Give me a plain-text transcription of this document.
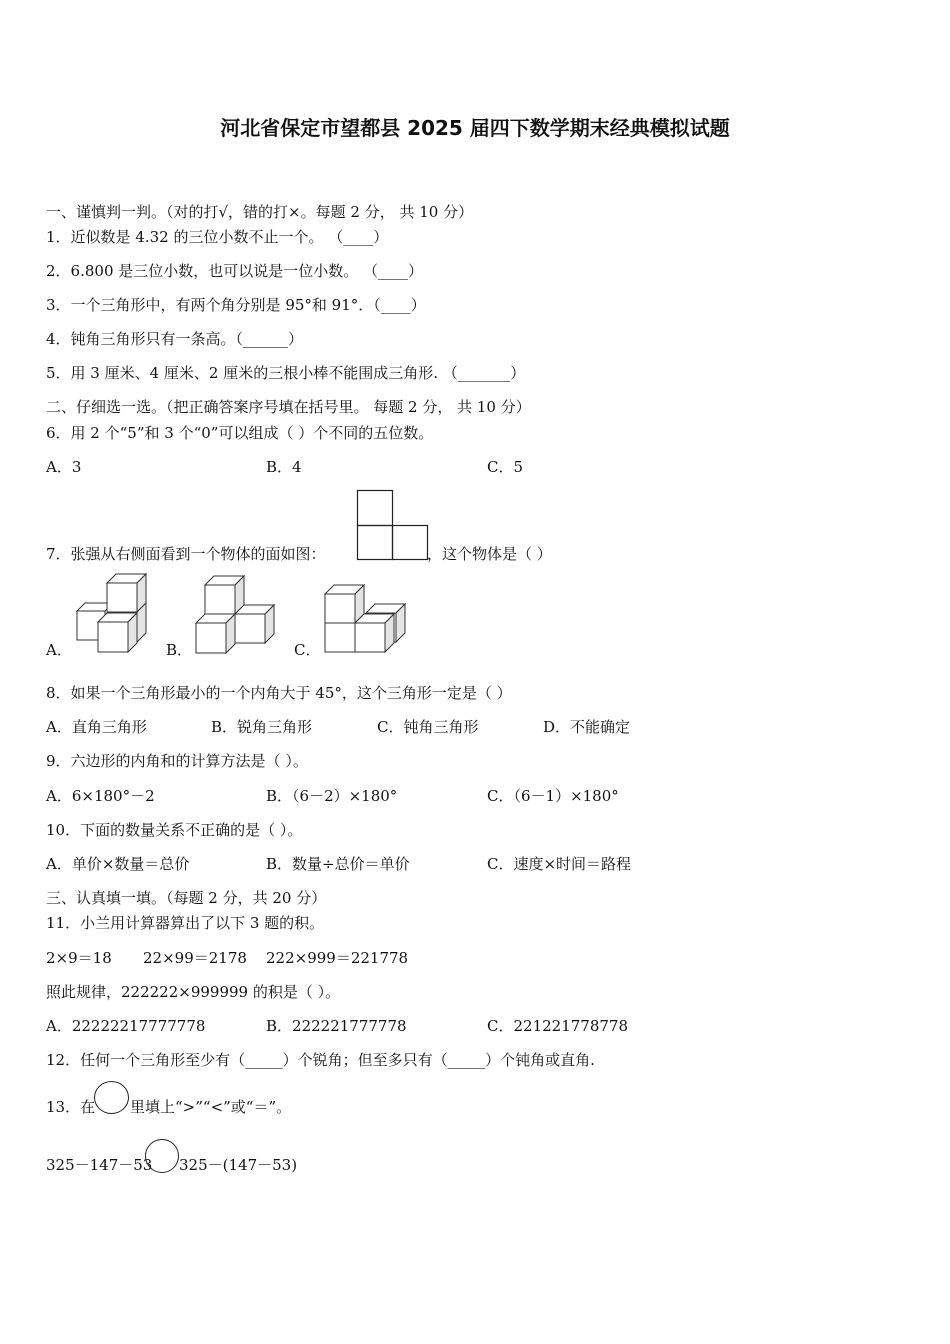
河北省保定市望都县 2025 届四下数学期末经典模拟试题
一、谨慎判一判。（对的打√，错的打×。每题 2 分， 共 10 分）
1．近似数是 4.32 的三位小数不止一个。 （____）
2．6.800 是三位小数，也可以说是一位小数。 （____）
3．一个三角形中，有两个角分别是 95°和 91°．（____）
4．钝角三角形只有一条高。（______）
5．用 3 厘米、4 厘米、2 厘米的三根小棒不能围成三角形. （_______）
二、仔细选一选。（把正确答案序号填在括号里。 每题 2 分， 共 10 分）
6．用 2 个“5”和 3 个“0”可以组成（ ）个不同的五位数。
A．3	B．4	C．5
7．张强从右侧面看到一个物体的面如图：	，这个物体是（ ）
A．	B．	C．
8．如果一个三角形最小的一个内角大于 45°，这个三角形一定是（ ）
A．直角三角形	B．锐角三角形	C．钝角三角形	D．不能确定
9．六边形的内角和的计算方法是（ ）。
A．6×180°－2	B．（6－2）×180°	C．（6－1）×180°
10．下面的数量关系不正确的是（ ）。
A．单价×数量＝总价	B．数量÷总价＝单价	C．速度×时间＝路程
三、认真填一填。（每题 2 分，共 20 分）
11．小兰用计算器算出了以下 3 题的积。
2×9＝18 22×99＝2178 222×999＝221778
照此规律，222222×999999 的积是（ ）。
A．22222217777778	B．222221777778	C．221221778778
12．任何一个三角形至少有（_____）个锐角；但至多只有（_____）个钝角或直角.
13．在 里填上“>”“<”或“＝”。
325－147－53 325－(147－53)
